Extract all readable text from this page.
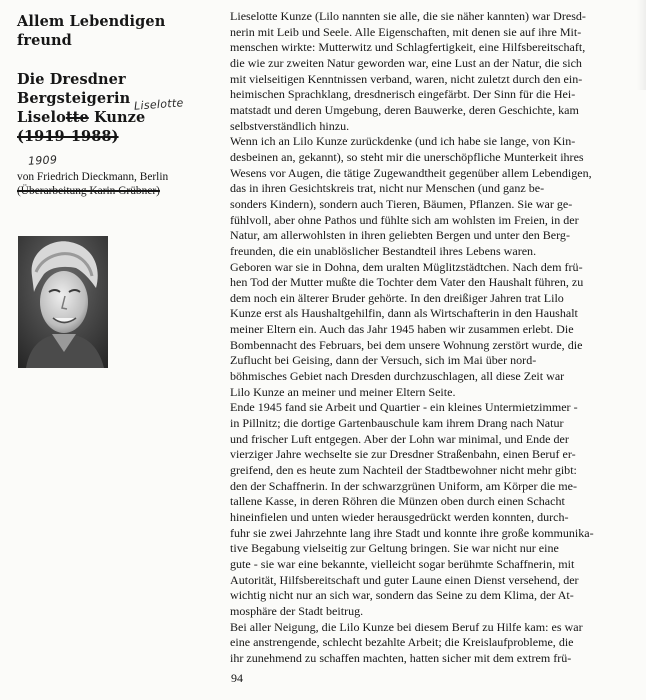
Allem Lebendigen
freund
Die Dresdner
Bergsteigerin
Liselotte Kunze
(1919-1988)
Liselotte
1909
von Friedrich Dieckmann, Berlin
(Überarbeitung Karin Grübner)
Lieselotte Kunze (Lilo nannten sie alle, die sie näher kannten) war Dresd-
nerin mit Leib und Seele. Alle Eigenschaften, mit denen sie auf ihre Mit-
menschen wirkte: Mutterwitz und Schlagfertigkeit, eine Hilfsbereitschaft,
die wie zur zweiten Natur geworden war, eine Lust an der Natur, die sich
mit vielseitigen Kenntnissen verband, waren, nicht zuletzt durch den ein-
heimischen Sprachklang, dresdnerisch eingefärbt. Der Sinn für die Hei-
matstadt und deren Umgebung, deren Bauwerke, deren Geschichte, kam
selbstverständlich hinzu.
Wenn ich an Lilo Kunze zurückdenke (und ich habe sie lange, von Kin-
desbeinen an, gekannt), so steht mir die unerschöpfliche Munterkeit ihres
Wesens vor Augen, die tätige Zugewandtheit gegenüber allem Lebendigen,
das in ihren Gesichtskreis trat, nicht nur Menschen (und ganz be-
sonders Kindern), sondern auch Tieren, Bäumen, Pflanzen. Sie war ge-
fühlvoll, aber ohne Pathos und fühlte sich am wohlsten im Freien, in der
Natur, am allerwohlsten in ihren geliebten Bergen und unter den Berg-
freunden, die ein unablöslicher Bestandteil ihres Lebens waren.
Geboren war sie in Dohna, dem uralten Müglitzstädtchen. Nach dem frü-
hen Tod der Mutter mußte die Tochter dem Vater den Haushalt führen, zu
dem noch ein älterer Bruder gehörte. In den dreißiger Jahren trat Lilo
Kunze erst als Haushaltgehilfin, dann als Wirtschafterin in den Haushalt
meiner Eltern ein. Auch das Jahr 1945 haben wir zusammen erlebt. Die
Bombennacht des Februars, bei dem unsere Wohnung zerstört wurde, die
Zuflucht bei Geising, dann der Versuch, sich im Mai über nord-
böhmisches Gebiet nach Dresden durchzuschlagen, all diese Zeit war
Lilo Kunze an meiner und meiner Eltern Seite.
Ende 1945 fand sie Arbeit und Quartier - ein kleines Untermietzimmer -
in Pillnitz; die dortige Gartenbauschule kam ihrem Drang nach Natur
und frischer Luft entgegen. Aber der Lohn war minimal, und Ende der
vierziger Jahre wechselte sie zur Dresdner Straßenbahn, einen Beruf er-
greifend, den es heute zum Nachteil der Stadtbewohner nicht mehr gibt:
den der Schaffnerin. In der schwarzgrünen Uniform, am Körper die me-
tallene Kasse, in deren Röhren die Münzen oben durch einen Schacht
hineinfielen und unten wieder herausgedrückt werden konnten, durch-
fuhr sie zwei Jahrzehnte lang ihre Stadt und konnte ihre große kommunika-
tive Begabung vielseitig zur Geltung bringen. Sie war nicht nur eine
gute - sie war eine bekannte, vielleicht sogar berühmte Schaffnerin, mit
Autorität, Hilfsbereitschaft und guter Laune einen Dienst versehend, der
wichtig nicht nur an sich war, sondern das Seine zu dem Klima, der At-
mosphäre der Stadt beitrug.
Bei aller Neigung, die Lilo Kunze bei diesem Beruf zu Hilfe kam: es war
eine anstrengende, schlecht bezahlte Arbeit; die Kreislaufprobleme, die
ihr zunehmend zu schaffen machten, hatten sicher mit dem extrem frü-
94
